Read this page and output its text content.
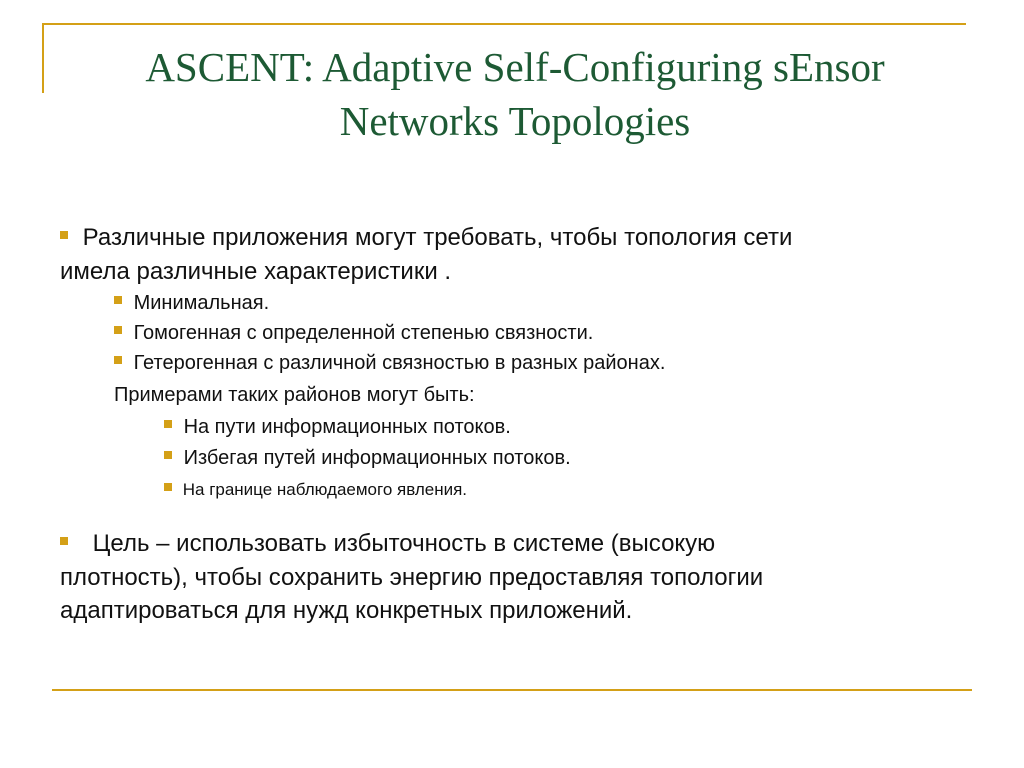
ASCENT: Adaptive Self-Configuring sEnsor
Networks Topologies
Различные приложения могут требовать, чтобы топология сети
имела различные характеристики .
Минимальная.
Гомогенная с определенной степенью связности.
Гетерогенная с различной связностью в разных районах.
Примерами таких районов могут быть:
На пути информационных потоков.
Избегая путей информационных потоков.
На границе наблюдаемого явления.
Цель – использовать избыточность в системе (высокую
плотность), чтобы сохранить энергию предоставляя топологии
адаптироваться для нужд конкретных приложений.
